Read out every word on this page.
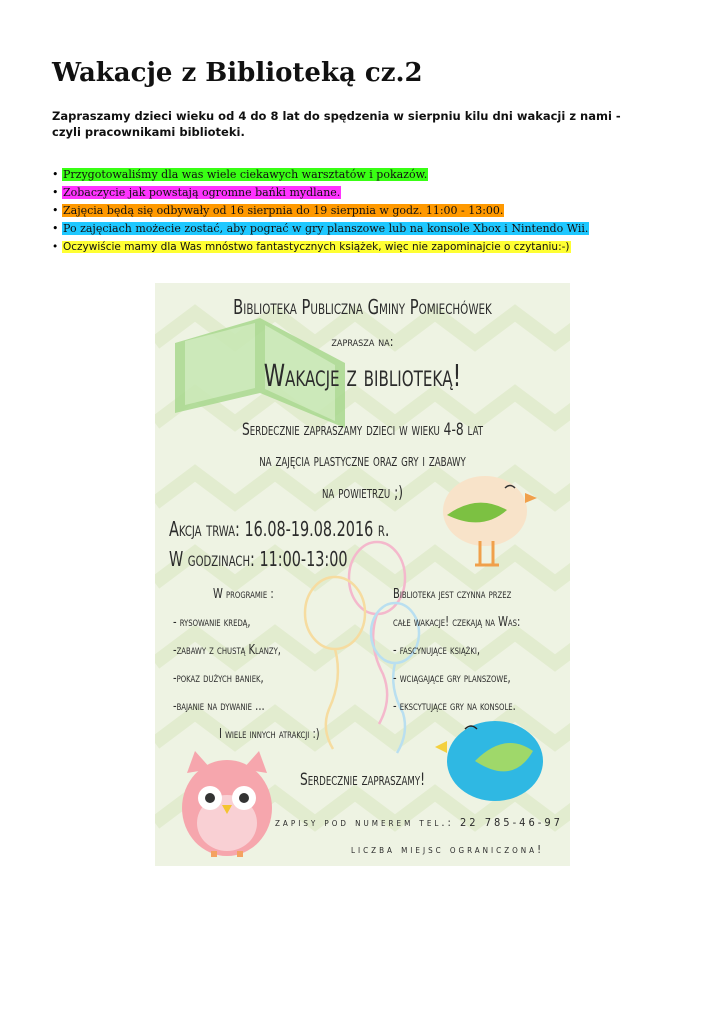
Wakacje z Biblioteką cz.2
Zapraszamy dzieci wieku od 4 do 8 lat do spędzenia w sierpniu kilu dni wakacji z nami - czyli pracownikami biblioteki.
• Przygotowaliśmy dla was wiele ciekawych warsztatów i pokazów.
• Zobaczycie jak powstają ogromne bańki mydlane.
• Zajęcia będą się odbywały od 16 sierpnia do 19 sierpnia w godz. 11:00 - 13:00.
• Po zajęciach możecie zostać, aby pograć w gry planszowe lub na konsole Xbox i Nintendo Wii.
• Oczywiście mamy dla Was mnóstwo fantastycznych książek, więc nie zapominajcie o czytaniu:-)
Biblioteka Publiczna Gminy Pomiechówek
zaprasza na:
Wakacje z biblioteką!
Serdecznie zapraszamy dzieci w wieku 4-8 lat
na zajęcia plastyczne oraz gry i zabawy
na powietrzu ;)
Akcja trwa: 16.08-19.08.2016 r.
W godzinach: 11:00-13:00
W programie :
- rysowanie kredą,
-zabawy z chustą Klanzy,
-pokaz dużych baniek,
-bajanie na dywanie ...
I wiele innych atrakcji :)
Biblioteka jest czynna przez
całe wakacje! czekają na Was:
- fascynujące książki,
- wciągające gry planszowe,
- ekscytujące gry na konsole.
Serdecznie zapraszamy!
zapisy pod numerem tel.: 22 785-46-97
liczba miejsc ograniczona!
